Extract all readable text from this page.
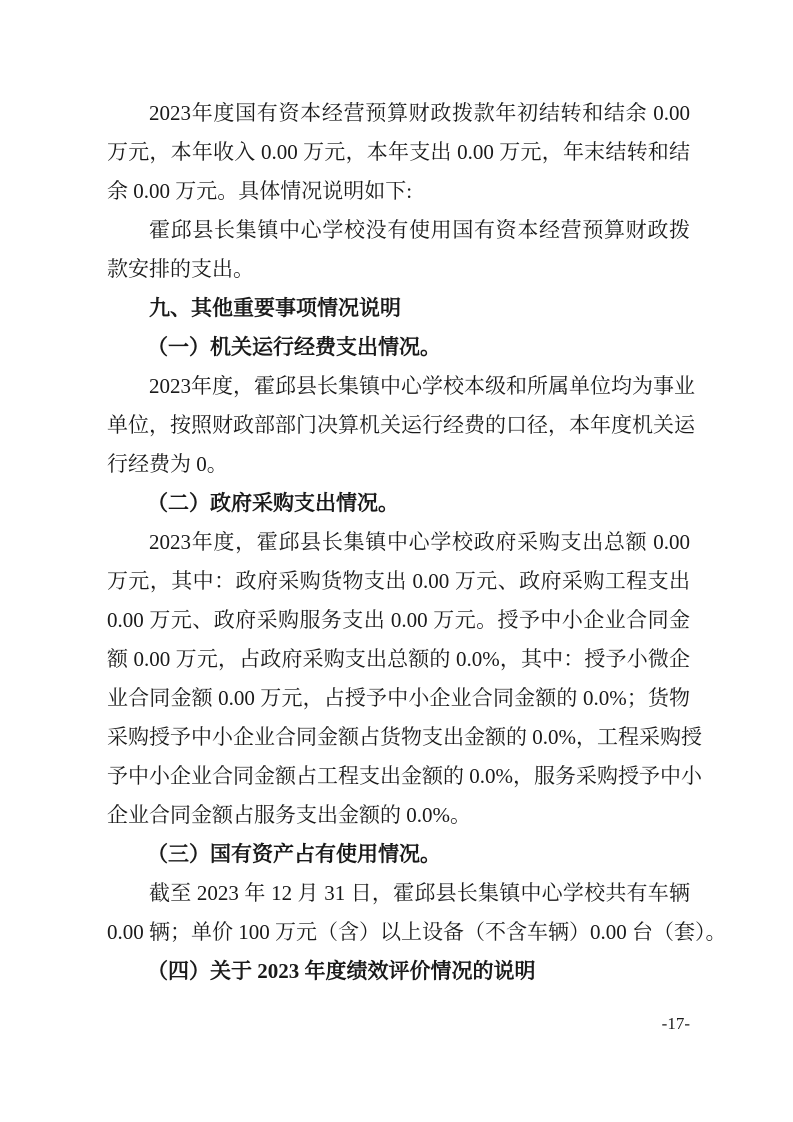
2023年度国有资本经营预算财政拨款年初结转和结余 0.00
万元，本年收入 0.00 万元，本年支出 0.00 万元，年末结转和结
余 0.00 万元。具体情况说明如下:
霍邱县长集镇中心学校没有使用国有资本经营预算财政拨
款安排的支出。
九、其他重要事项情况说明
（一）机关运行经费支出情况。
2023年度，霍邱县长集镇中心学校本级和所属单位均为事业
单位，按照财政部部门决算机关运行经费的口径，本年度机关运
行经费为 0。
（二）政府采购支出情况。
2023年度，霍邱县长集镇中心学校政府采购支出总额 0.00
万元，其中：政府采购货物支出 0.00 万元、政府采购工程支出
0.00 万元、政府采购服务支出 0.00 万元。授予中小企业合同金
额 0.00 万元，占政府采购支出总额的 0.0%，其中：授予小微企
业合同金额 0.00 万元，占授予中小企业合同金额的 0.0%；货物
采购授予中小企业合同金额占货物支出金额的 0.0%，工程采购授
予中小企业合同金额占工程支出金额的 0.0%，服务采购授予中小
企业合同金额占服务支出金额的 0.0%。
（三）国有资产占有使用情况。
截至 2023 年 12 月 31 日，霍邱县长集镇中心学校共有车辆
0.00 辆；单价 100 万元（含）以上设备（不含车辆）0.00 台（套）。
（四）关于 2023 年度绩效评价情况的说明
-17-
